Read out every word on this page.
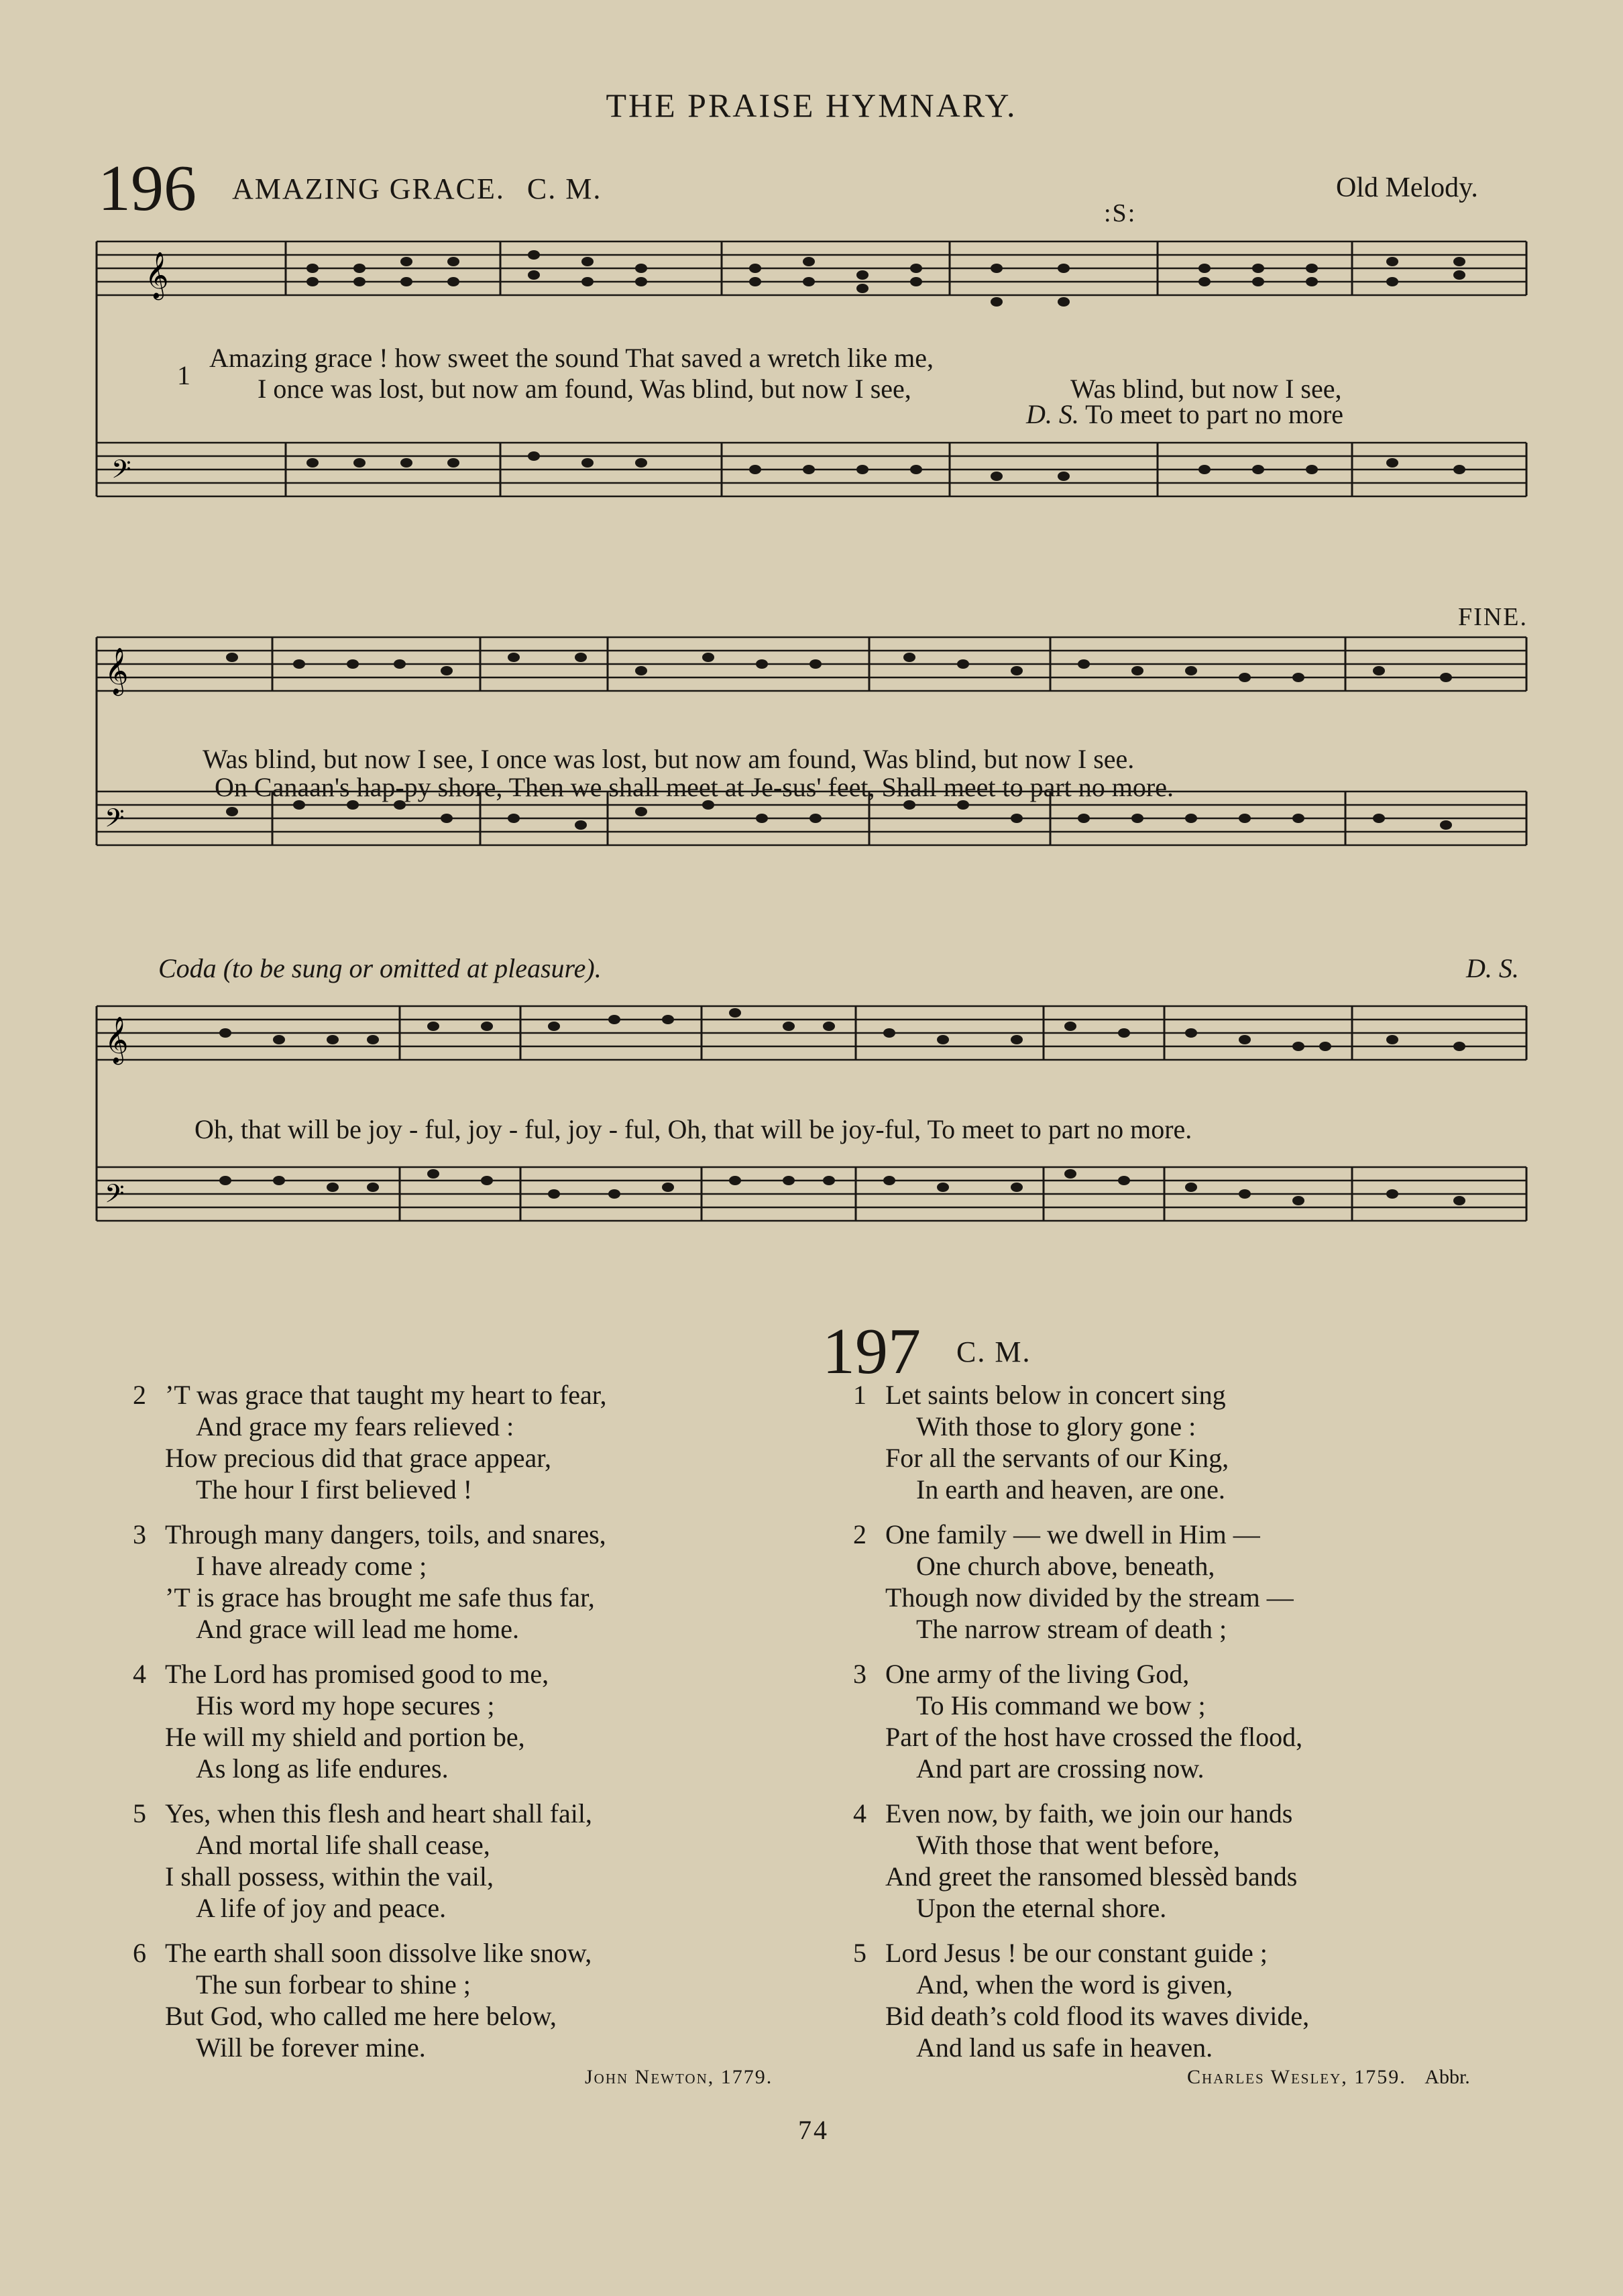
THE PRAISE HYMNARY.
196 AMAZING GRACE. C. M.	Old Melody.
𝄞
𝄢
:S:
1
Amazing grace ! how sweet the sound That saved a wretch like me,
Was blind, but now I see,
I once was lost, but now am found, Was blind, but now I see,
D. S. To meet to part no more
FINE.
𝄞
𝄢
Was blind, but now I see, I once was lost, but now am found, Was blind, but now I see.
On Canaan's hap-py shore, Then we shall meet at Je-sus' feet, Shall meet to part no more.
Coda (to be sung or omitted at pleasure).	D. S.
𝄞
𝄢
Oh, that will be joy - ful, joy - ful, joy - ful, Oh, that will be joy-ful, To meet to part no more.
2 ’T was grace that taught my heart to fear,
And grace my fears relieved :
How precious did that grace appear,
The hour I first believed !
3 Through many dangers, toils, and snares,
I have already come ;
’T is grace has brought me safe thus far,
And grace will lead me home.
4 The Lord has promised good to me,
His word my hope secures ;
He will my shield and portion be,
As long as life endures.
5 Yes, when this flesh and heart shall fail,
And mortal life shall cease,
I shall possess, within the vail,
A life of joy and peace.
6 The earth shall soon dissolve like snow,
The sun forbear to shine ;
But God, who called me here below,
Will be forever mine.
John Newton, 1779.
197 C. M.
1 Let saints below in concert sing
With those to glory gone :
For all the servants of our King,
In earth and heaven, are one.
2 One family — we dwell in Him —
One church above, beneath,
Though now divided by the stream —
The narrow stream of death ;
3 One army of the living God,
To His command we bow ;
Part of the host have crossed the flood,
And part are crossing now.
4 Even now, by faith, we join our hands
With those that went before,
And greet the ransomed blessèd bands
Upon the eternal shore.
5 Lord Jesus ! be our constant guide ;
And, when the word is given,
Bid death’s cold flood its waves divide,
And land us safe in heaven.
Charles Wesley, 1759. Abbr.
74
